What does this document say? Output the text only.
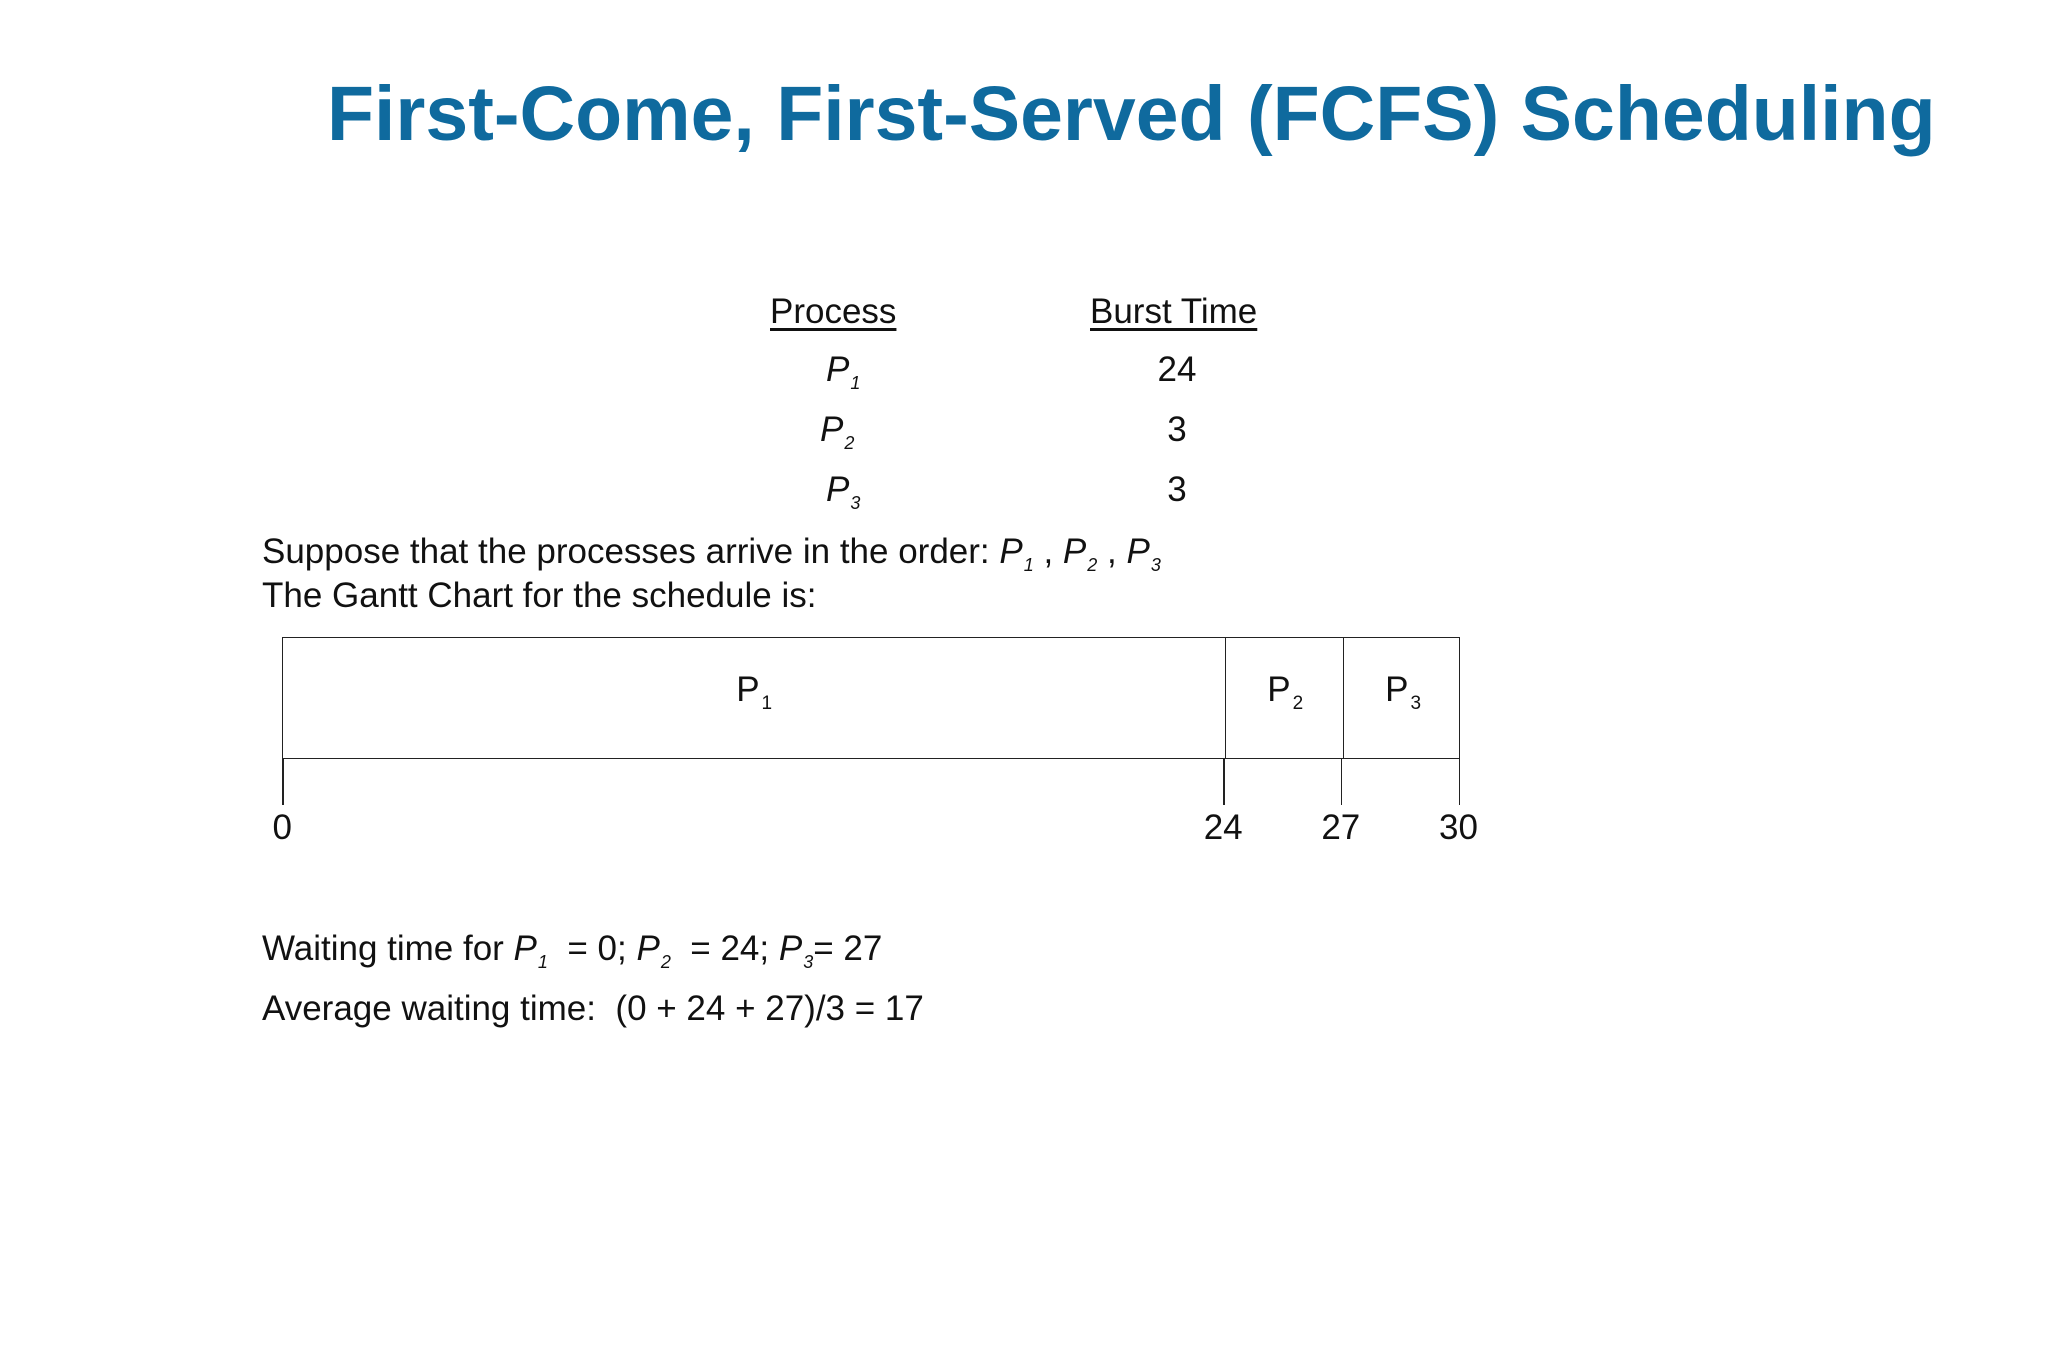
First-Come, First-Served (FCFS) Scheduling
Process	Burst Time
$P_1$	24
$P_2$	3
$P_3$	3
Suppose that the processes arrive in the order: $P_1$ , $P_2$ , $P_3$
The Gantt Chart for the schedule is:
P $_1$	P $_2$ P $_3$
0	24 27 30
Waiting time for $P_1 = 0$; $P_2 = 24$; $P_3= 27$
Average waiting time:  (0 + 24 + 27)/3 = 17
